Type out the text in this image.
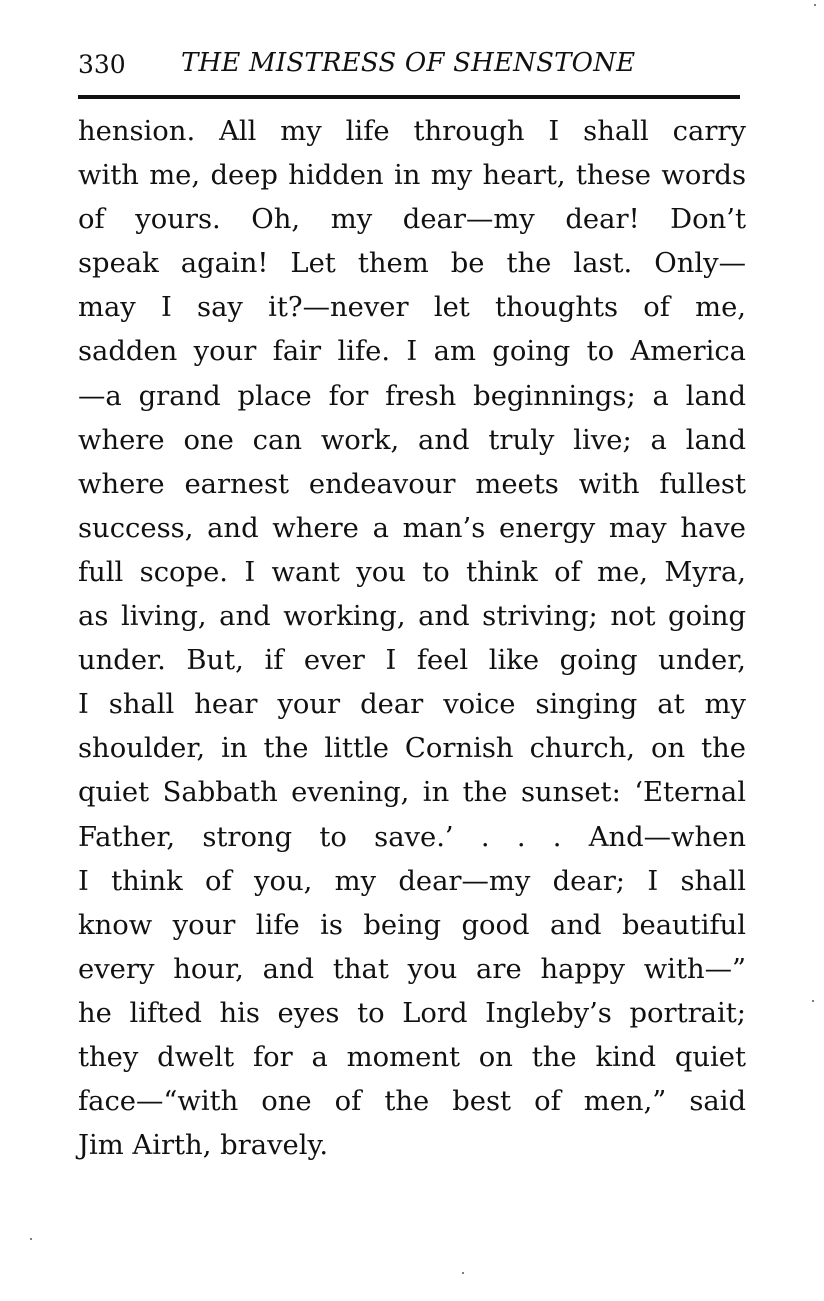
330 THE MISTRESS OF SHENSTONE
hension. All my life through I shall carry
with me, deep hidden in my heart, these words
of yours. Oh, my dear—my dear! Don’t
speak again! Let them be the last. Only—
may I say it?—never let thoughts of me,
sadden your fair life. I am going to America
—a grand place for fresh beginnings; a land
where one can work, and truly live; a land
where earnest endeavour meets with fullest
success, and where a man’s energy may have
full scope. I want you to think of me, Myra,
as living, and working, and striving; not going
under. But, if ever I feel like going under,
I shall hear your dear voice singing at my
shoulder, in the little Cornish church, on the
quiet Sabbath evening, in the sunset: ‘Eternal
Father, strong to save.’ . . . And—when
I think of you, my dear—my dear; I shall
know your life is being good and beautiful
every hour, and that you are happy with—”
he lifted his eyes to Lord Ingleby’s portrait;
they dwelt for a moment on the kind quiet
face—“with one of the best of men,” said
Jim Airth, bravely.
